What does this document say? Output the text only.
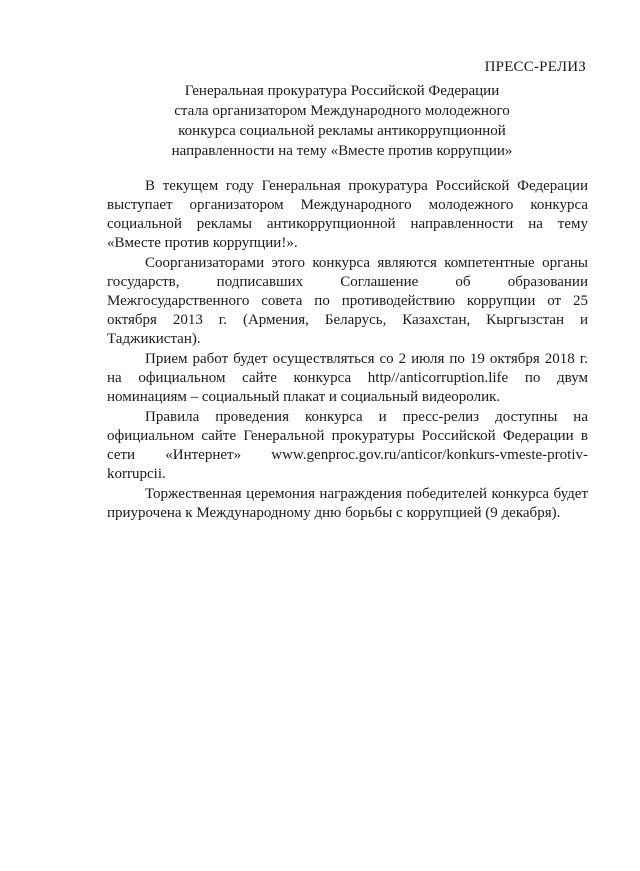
ПРЕСС-РЕЛИЗ
Генеральная прокуратура Российской Федерации
стала организатором Международного молодежного
конкурса социальной рекламы антикоррупционной
направленности на тему «Вместе против коррупции»

В текущем году Генеральная прокуратура Российской Федерации выступает организатором Международного молодежного конкурса социальной рекламы антикоррупционной направленности на тему «Вместе против коррупции!».

Соорганизаторами этого конкурса являются компетентные органы государств, подписавших Соглашение об образовании Межгосударственного совета по противодействию коррупции от 25 октября 2013 г. (Армения, Беларусь, Казахстан, Кыргызстан и Таджикистан).

Прием работ будет осуществляться со 2 июля по 19 октября 2018 г. на официальном сайте конкурса http//anticorruption.life по двум номинациям – социальный плакат и социальный видеоролик.

Правила проведения конкурса и пресс-релиз доступны на официальном сайте Генеральной прокуратуры Российской Федерации в сети «Интернет» www.genproc.gov.ru/anticor/konkurs-vmeste-protiv-korrupcii.

Торжественная церемония награждения победителей конкурса будет приурочена к Международному дню борьбы с коррупцией (9 декабря).
